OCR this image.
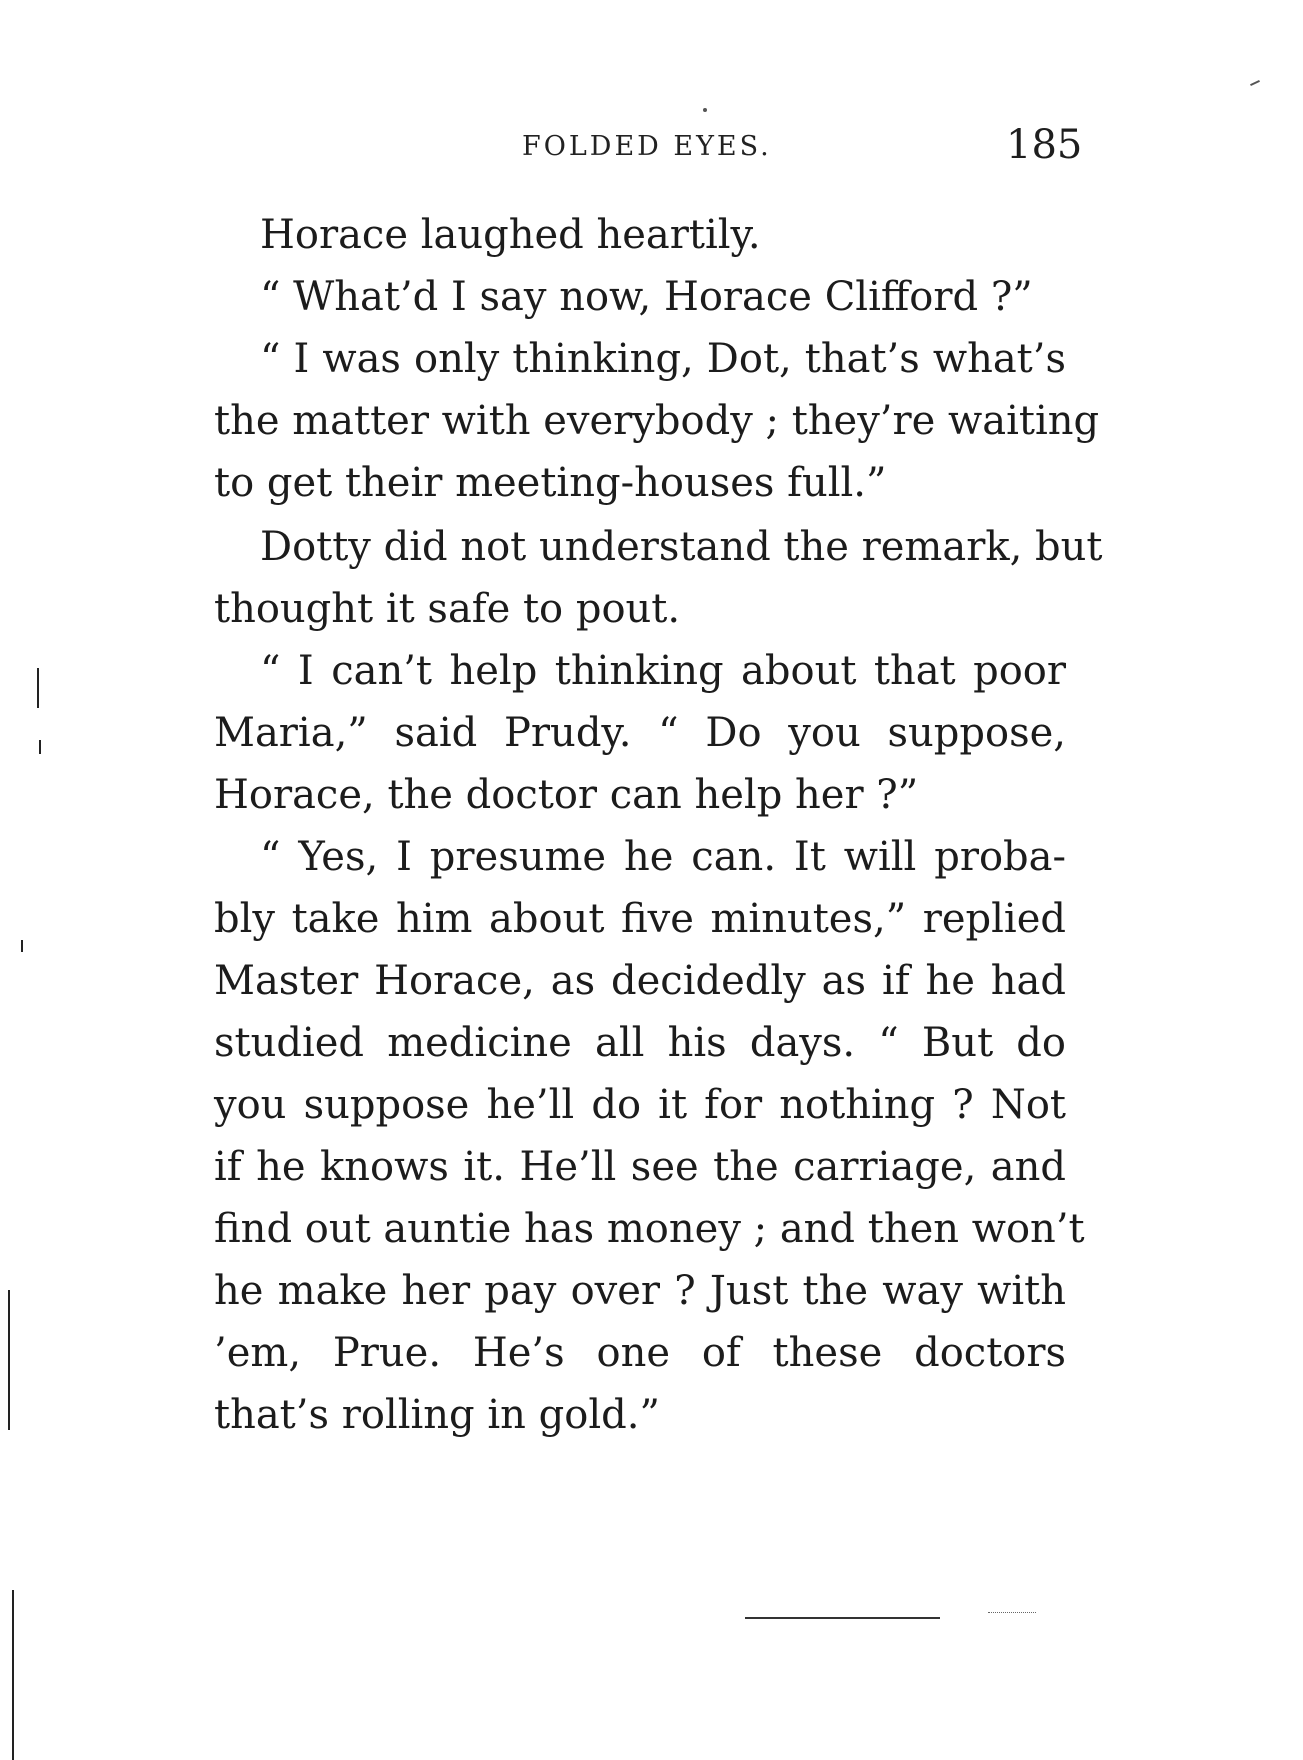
FOLDED EYES.	185
Horace laughed heartily.
“ What’d I say now, Horace Clifford ?”
“ I was only thinking, Dot, that’s what’s
the matter with everybody ; they’re waiting
to get their meeting-houses full.”
Dotty did not understand the remark, but
thought it safe to pout.
“ I can’t help thinking about that poor
Maria,” said Prudy. “ Do you suppose,
Horace, the doctor can help her ?”
“ Yes, I presume he can. It will proba-
bly take him about five minutes,” replied
Master Horace, as decidedly as if he had
studied medicine all his days. “ But do
you suppose he’ll do it for nothing ? Not
if he knows it. He’ll see the carriage, and
find out auntie has money ; and then won’t
he make her pay over ? Just the way with
’em, Prue. He’s one of these doctors
that’s rolling in gold.”
